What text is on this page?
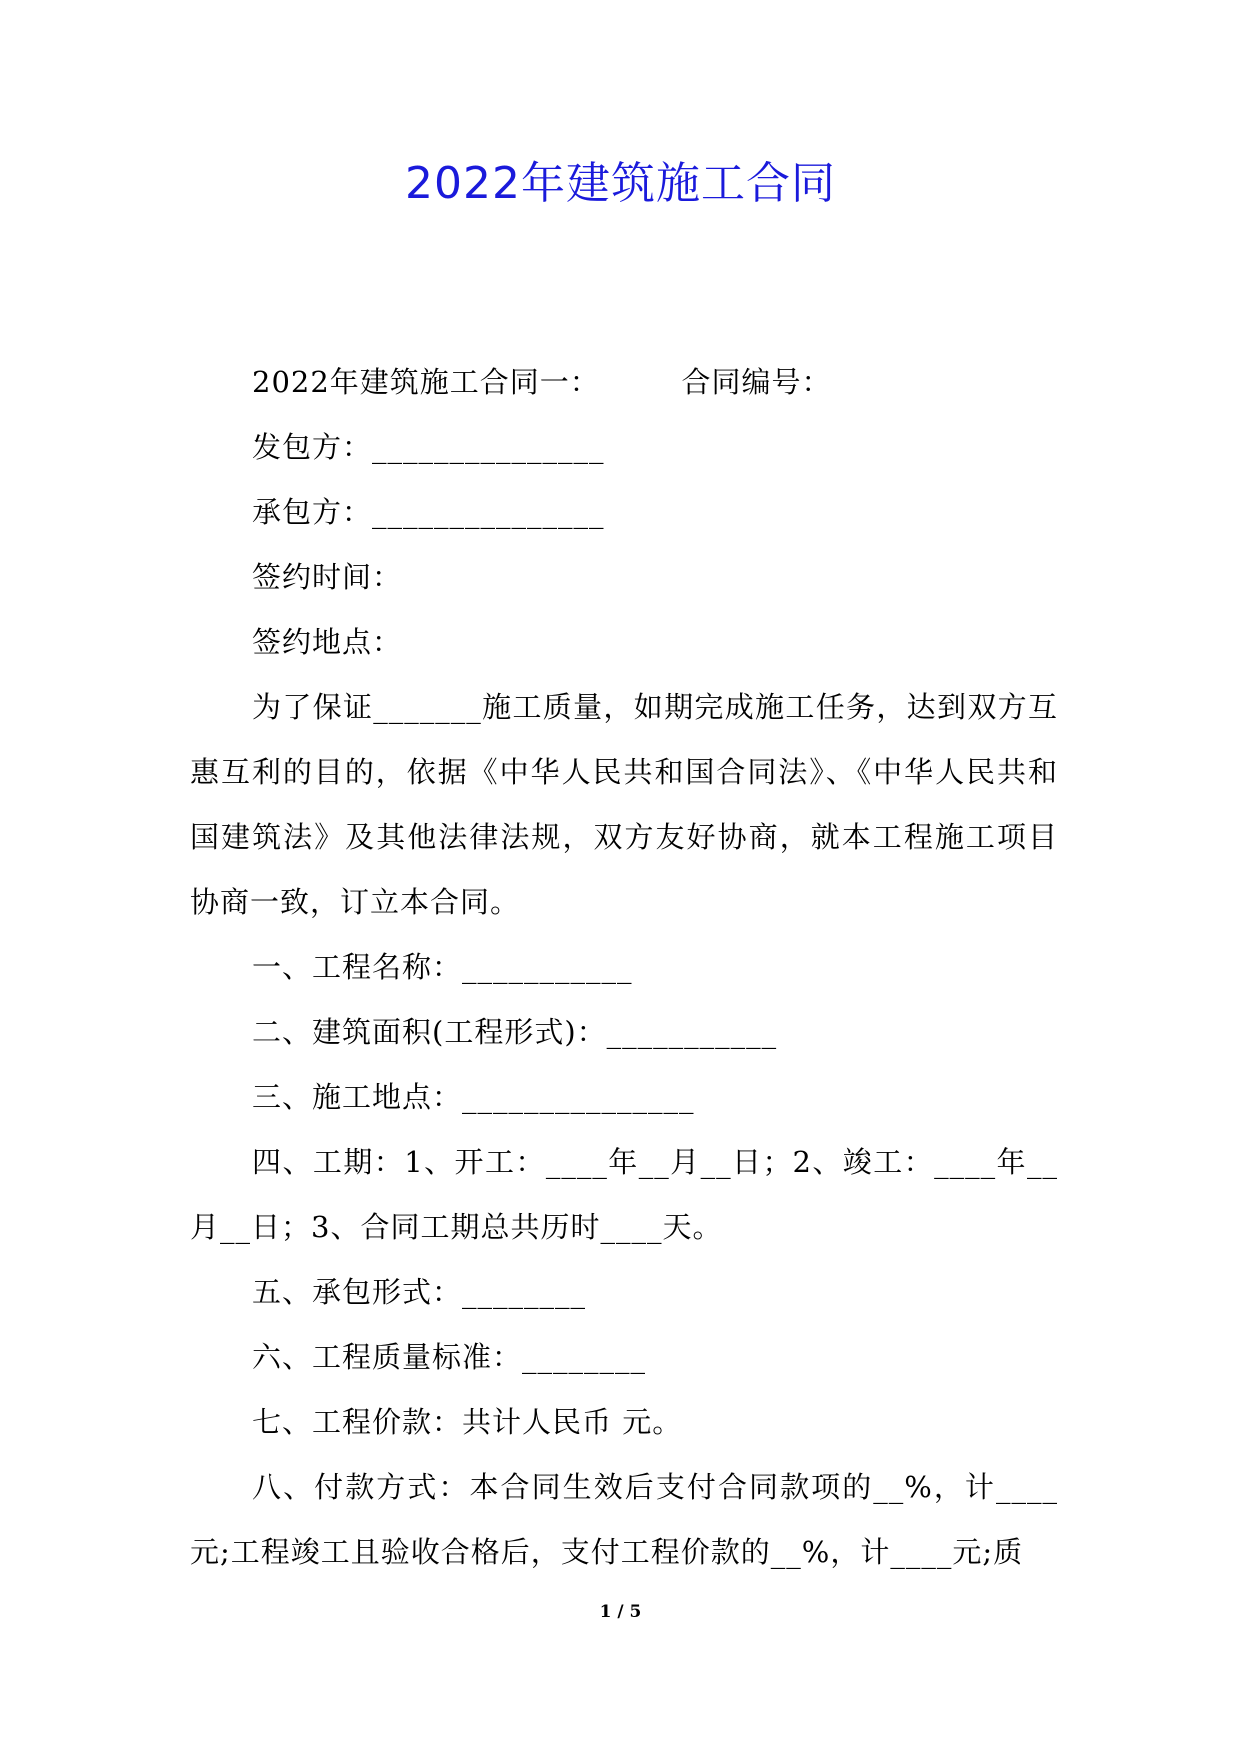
2022年建筑施工合同

2022年建筑施工合同一：        合同编号：

发包方：_______________

承包方：_______________

签约时间：

签约地点：

为了保证_______施工质量，如期完成施工任务，达到双方互惠互利的目的，依据《中华人民共和国合同法》、《中华人民共和国建筑法》及其他法律法规，双方友好协商，就本工程施工项目协商一致，订立本合同。

一、工程名称：___________

二、建筑面积(工程形式)：___________

三、施工地点：_______________

四、工期：1、开工：____年__月__日；2、竣工：____年__月__日；3、合同工期总共历时____天。

五、承包形式：________

六、工程质量标准：________

七、工程价款：共计人民币 元。

八、付款方式：本合同生效后支付合同款项的__%，计____元;工程竣工且验收合格后，支付工程价款的__%，计____元;质

1 / 5
